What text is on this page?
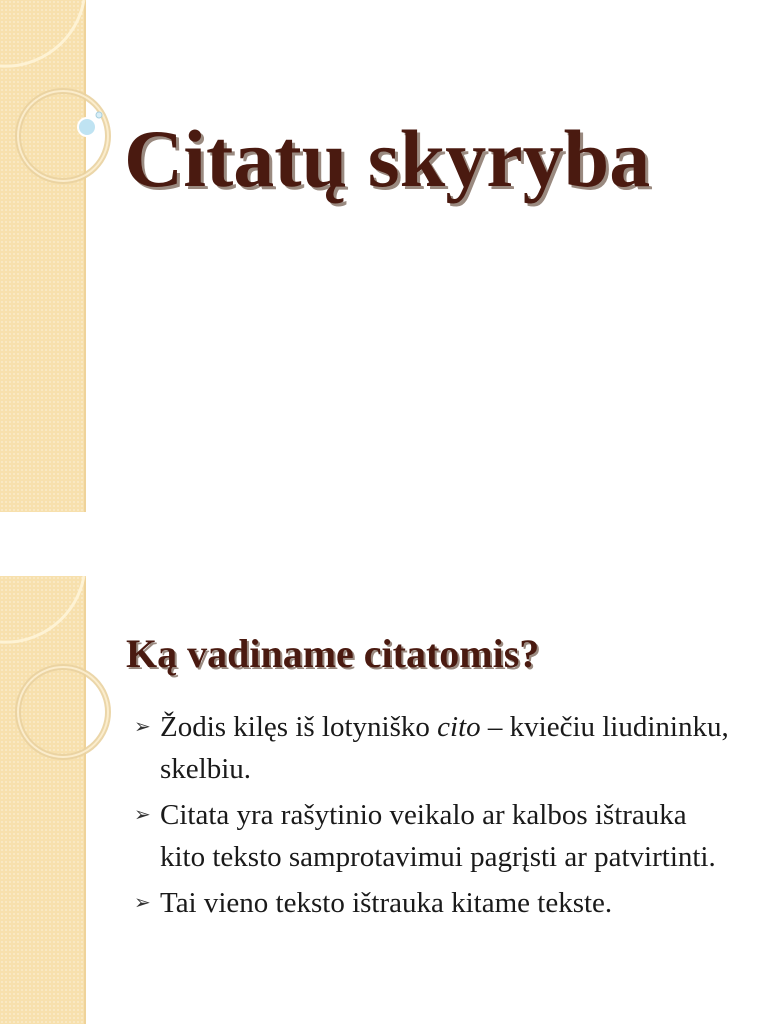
Citatų skyryba
Ką vadiname citatomis?
➢ Žodis kilęs iš lotyniško cito – kviečiu liudininku, skelbiu.
➢ Citata yra rašytinio veikalo ar kalbos ištrauka kito teksto samprotavimui pagrįsti ar patvirtinti.
➢ Tai vieno teksto ištrauka kitame tekste.
